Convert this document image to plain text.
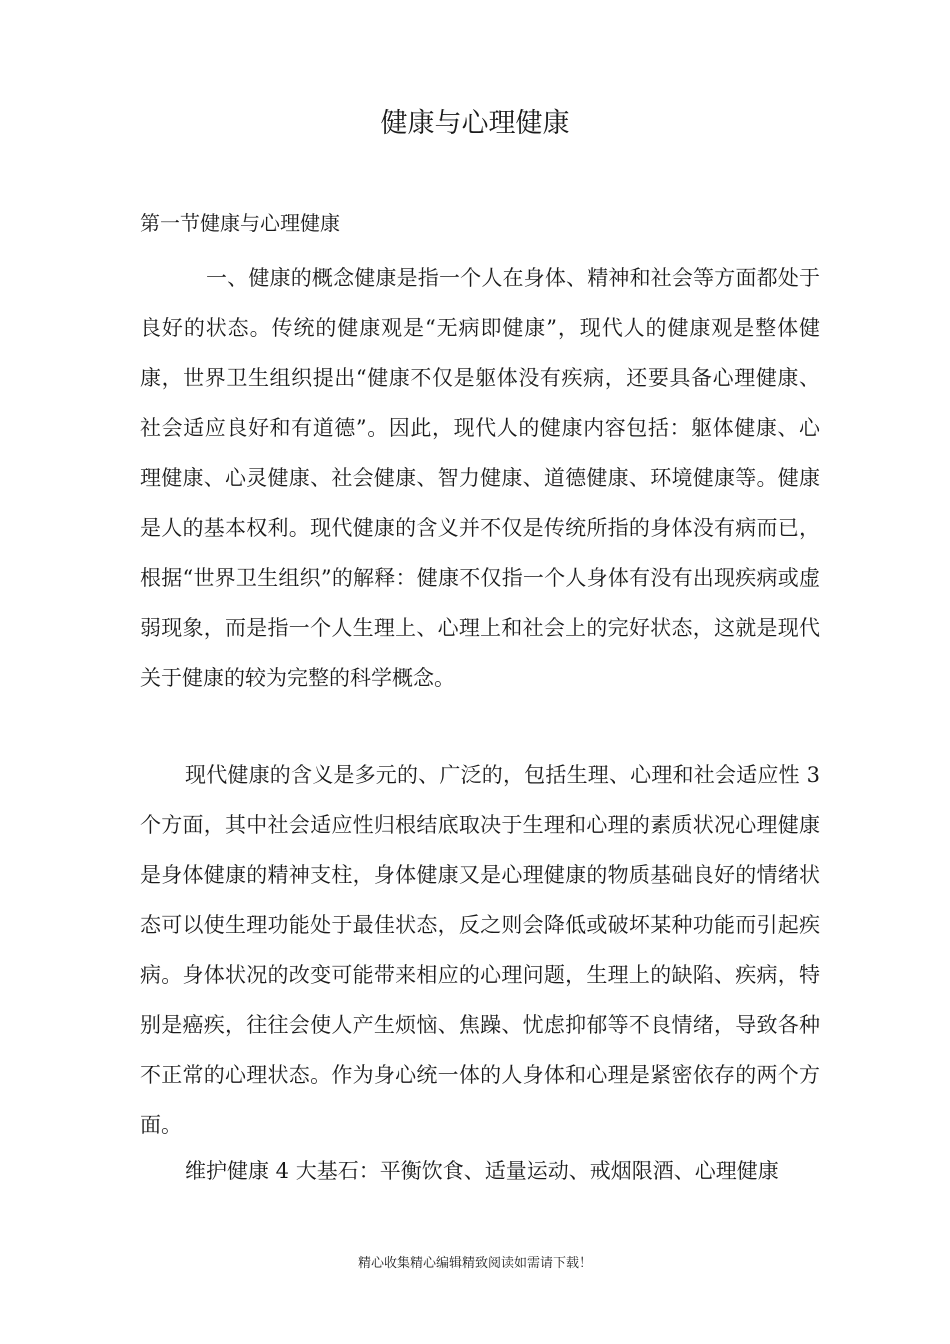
健康与心理健康
第一节健康与心理健康

一、健康的概念健康是指一个人在身体、精神和社会等方面都处于良好的状态。传统的健康观是“无病即健康”，现代人的健康观是整体健康，世界卫生组织提出“健康不仅是躯体没有疾病，还要具备心理健康、社会适应良好和有道德”。因此，现代人的健康内容包括：躯体健康、心理健康、心灵健康、社会健康、智力健康、道德健康、环境健康等。健康是人的基本权利。现代健康的含义并不仅是传统所指的身体没有病而已，根据“世界卫生组织”的解释：健康不仅指一个人身体有没有出现疾病或虚弱现象，而是指一个人生理上、心理上和社会上的完好状态，这就是现代关于健康的较为完整的科学概念。

现代健康的含义是多元的、广泛的，包括生理、心理和社会适应性 3 个方面，其中社会适应性归根结底取决于生理和心理的素质状况心理健康是身体健康的精神支柱，身体健康又是心理健康的物质基础良好的情绪状态可以使生理功能处于最佳状态，反之则会降低或破坏某种功能而引起疾病。身体状况的改变可能带来相应的心理问题，生理上的缺陷、疾病，特别是癌疾，往往会使人产生烦恼、焦躁、忧虑抑郁等不良情绪，导致各种不正常的心理状态。作为身心统一体的人身体和心理是紧密依存的两个方面。

维护健康 4 大基石：平衡饮食、适量运动、戒烟限酒、心理健康

精心收集精心编辑精致阅读如需请下载！
